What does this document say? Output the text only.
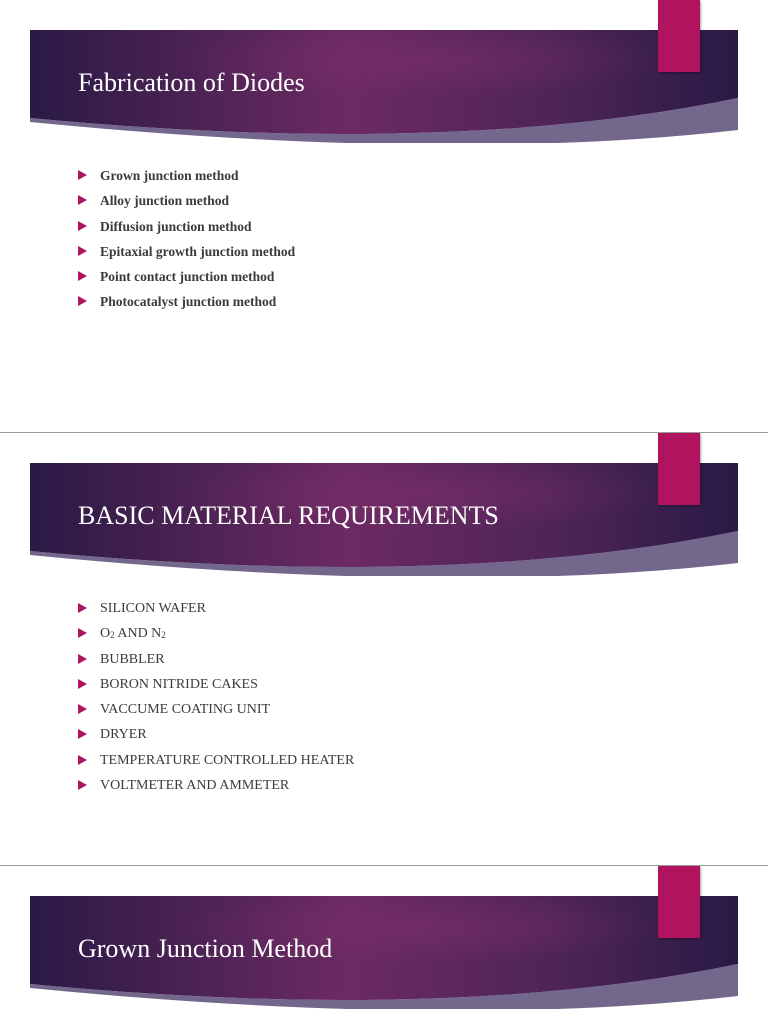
Fabrication of Diodes
Grown junction method
Alloy junction method
Diffusion junction method
Epitaxial growth junction method
Point contact junction method
Photocatalyst junction method
BASIC MATERIAL REQUIREMENTS
SILICON WAFER
$O_2$ AND $N_2$
BUBBLER
BORON NITRIDE CAKES
VACCUME COATING UNIT
DRYER
TEMPERATURE CONTROLLED HEATER
VOLTMETER AND AMMETER
Grown Junction Method
